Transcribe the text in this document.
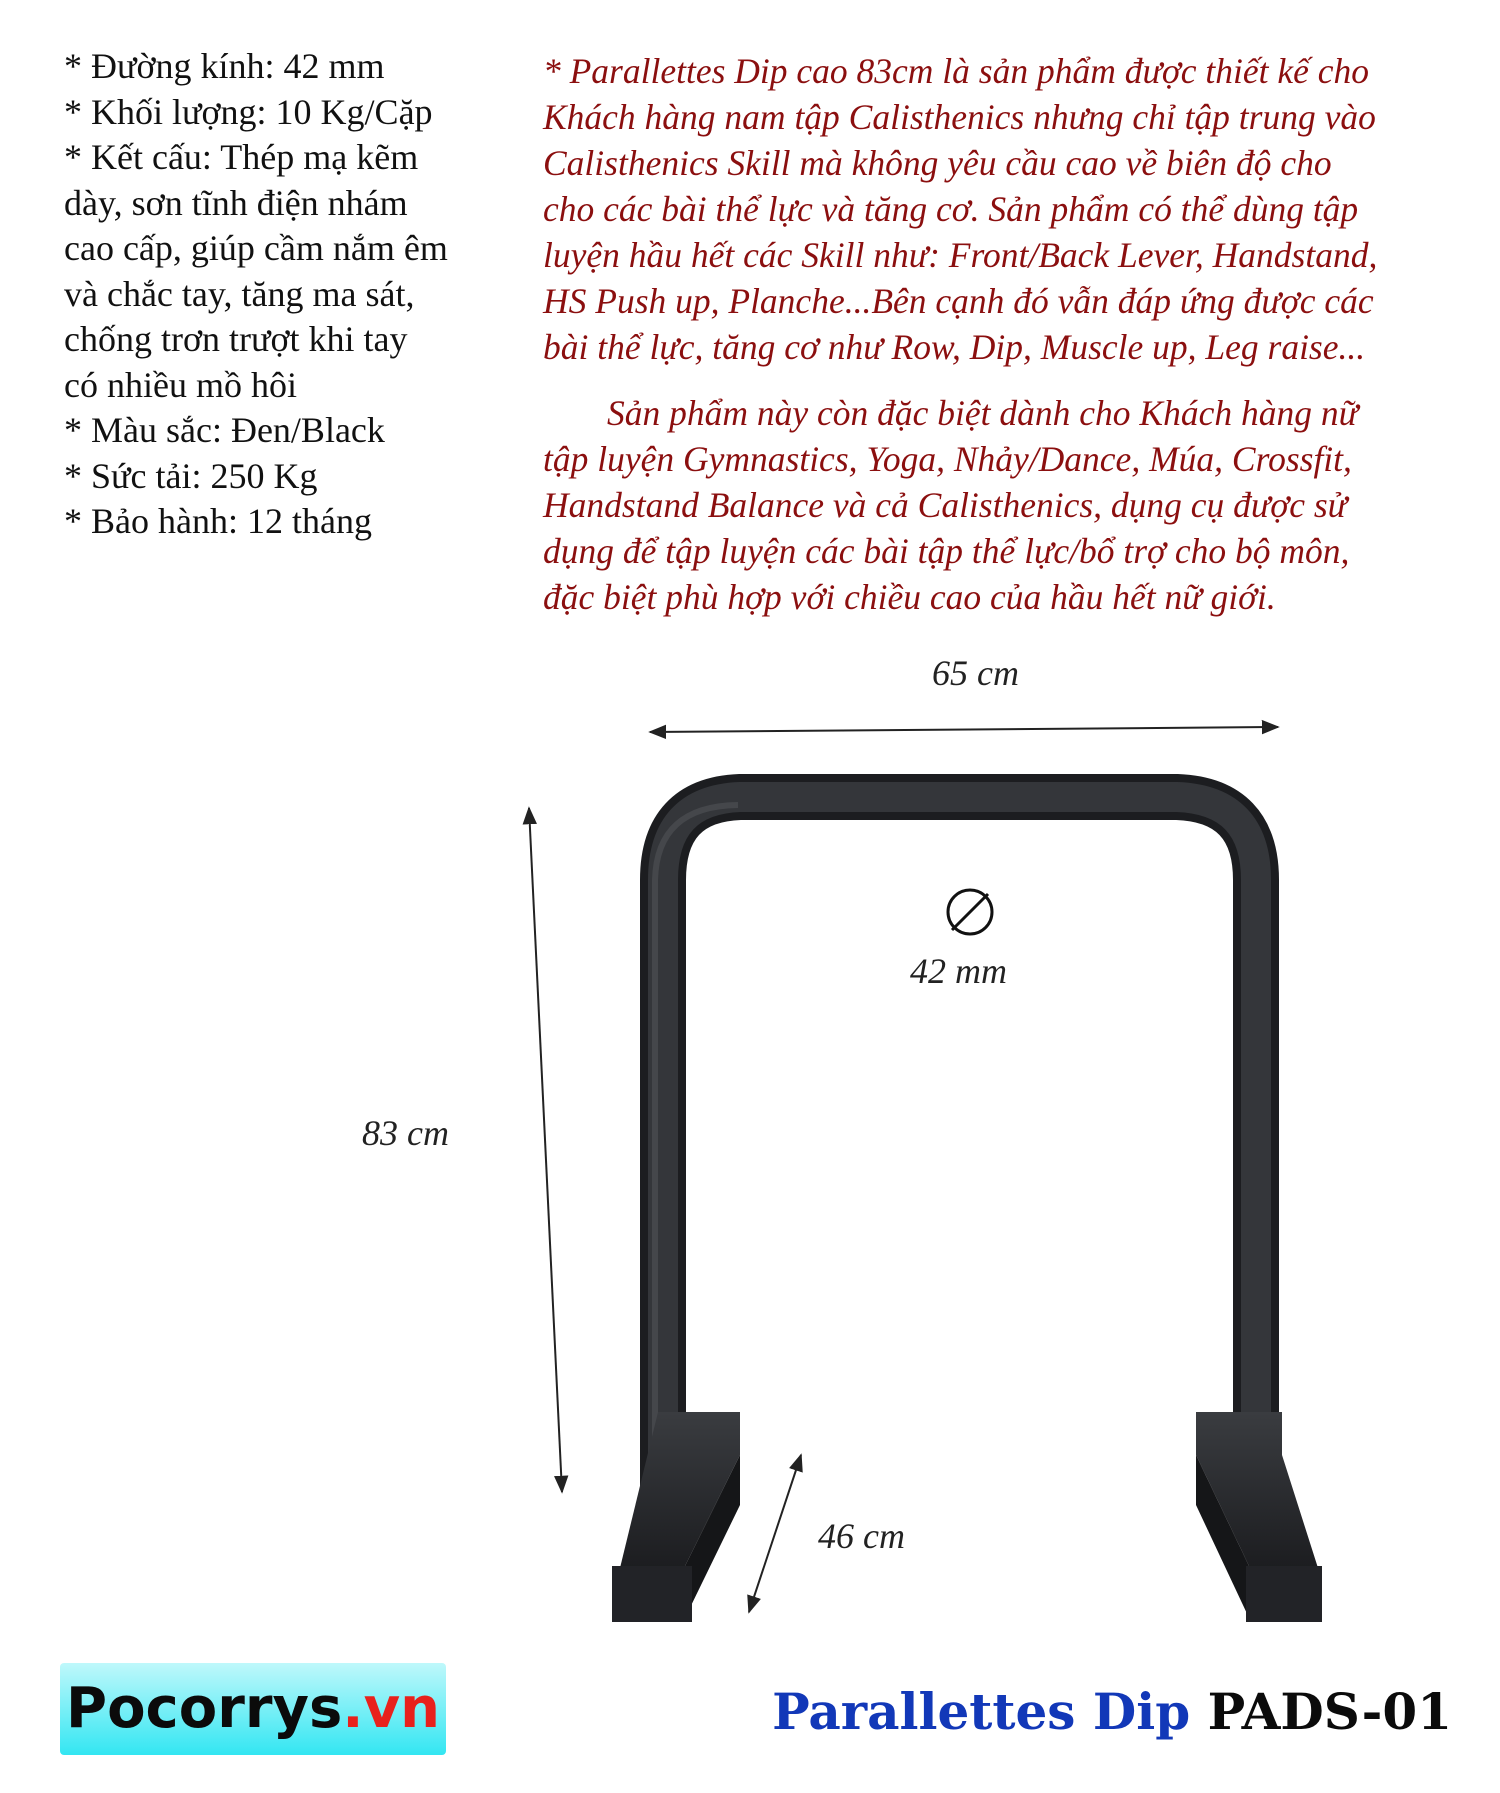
* Đường kính: 42 mm
* Khối lượng: 10 Kg/Cặp
* Kết cấu: Thép mạ kẽm
dày, sơn tĩnh điện nhám
cao cấp, giúp cầm nắm êm
và chắc tay, tăng ma sát,
chống trơn trượt khi tay
có nhiều mồ hôi
* Màu sắc: Đen/Black
* Sức tải: 250 Kg
* Bảo hành: 12 tháng

* Parallettes Dip cao 83cm là sản phẩm được thiết kế cho
Khách hàng nam tập Calisthenics nhưng chỉ tập trung vào
Calisthenics Skill mà không yêu cầu cao về biên độ cho
cho các bài thể lực và tăng cơ. Sản phẩm có thể dùng tập
luyện hầu hết các Skill như: Front/Back Lever, Handstand,
HS Push up, Planche...Bên cạnh đó vẫn đáp ứng được các
bài thể lực, tăng cơ như Row, Dip, Muscle up, Leg raise...

Sản phẩm này còn đặc biệt dành cho Khách hàng nữ
tập luyện Gymnastics, Yoga, Nhảy/Dance, Múa, Crossfit,
Handstand Balance và cả Calisthenics, dụng cụ được sử
dụng để tập luyện các bài tập thể lực/bổ trợ cho bộ môn,
đặc biệt phù hợp với chiều cao của hầu hết nữ giới.

65 cm
42 mm
83 cm
46 cm
Pocorrys.vn	Parallettes Dip PADS-01
